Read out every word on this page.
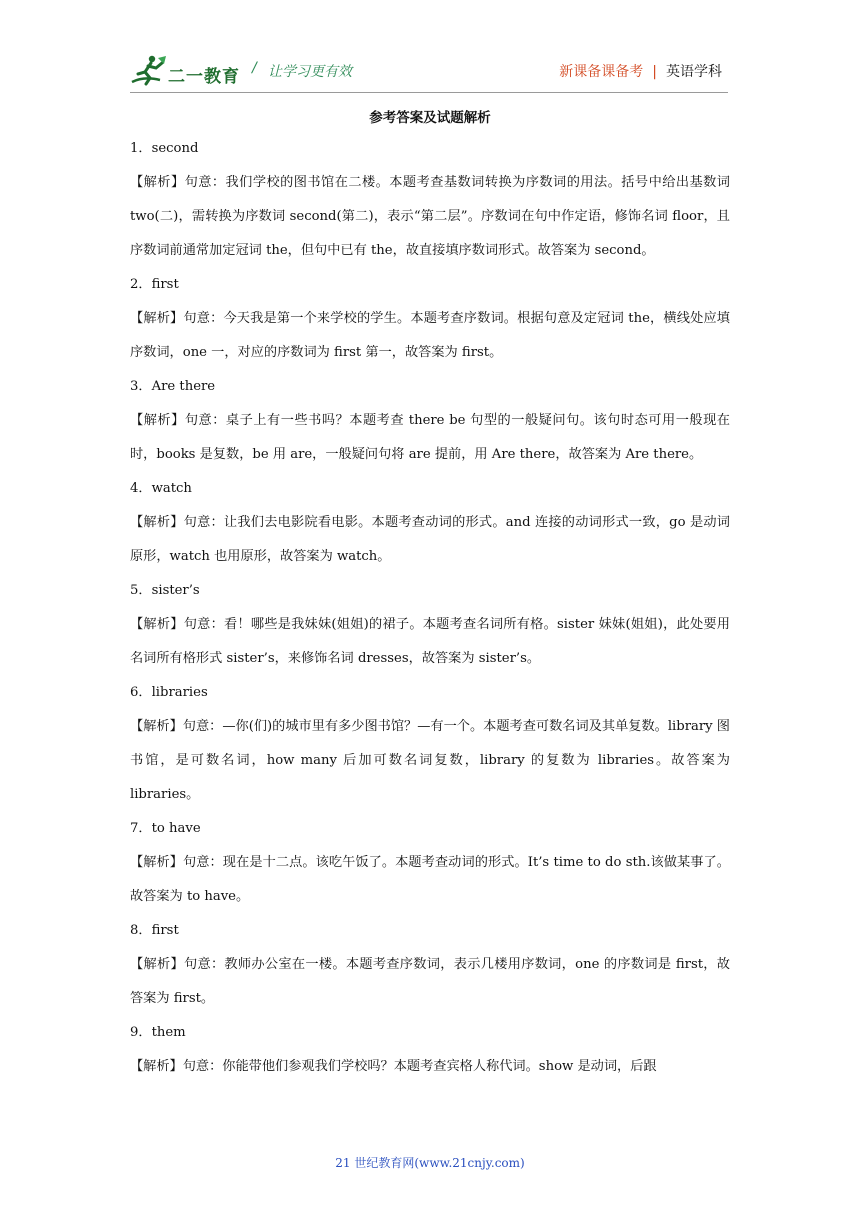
二一教育 / 让学习更有效	新课备课备考 | 英语学科
参考答案及试题解析

1．second

【解析】句意：我们学校的图书馆在二楼。本题考查基数词转换为序数词的用法。括号中给出基数词 two(二)，需转换为序数词 second(第二)，表示“第二层”。序数词在句中作定语，修饰名词 floor，且序数词前通常加定冠词 the，但句中已有 the，故直接填序数词形式。故答案为 second。

2．first

【解析】句意：今天我是第一个来学校的学生。本题考查序数词。根据句意及定冠词 the，横线处应填序数词，one 一，对应的序数词为 first 第一，故答案为 first。

3．Are there

【解析】句意：桌子上有一些书吗？本题考查 there be 句型的一般疑问句。该句时态可用一般现在时，books 是复数，be 用 are，一般疑问句将 are 提前，用 Are there，故答案为 Are there。

4．watch

【解析】句意：让我们去电影院看电影。本题考查动词的形式。and 连接的动词形式一致，go 是动词原形，watch 也用原形，故答案为 watch。

5．sister’s

【解析】句意：看！哪些是我妹妹(姐姐)的裙子。本题考查名词所有格。sister 妹妹(姐姐)，此处要用名词所有格形式 sister’s，来修饰名词 dresses，故答案为 sister’s。

6．libraries

【解析】句意：—你(们)的城市里有多少图书馆？—有一个。本题考查可数名词及其单复数。library 图书馆，是可数名词，how many 后加可数名词复数，library 的复数为 libraries。故答案为 libraries。

7．to have

【解析】句意：现在是十二点。该吃午饭了。本题考查动词的形式。It’s time to do sth.该做某事了。故答案为 to have。

8．first

【解析】句意：教师办公室在一楼。本题考查序数词，表示几楼用序数词，one 的序数词是 first，故答案为 first。

9．them

【解析】句意：你能带他们参观我们学校吗？本题考查宾格人称代词。show 是动词，后跟

21 世纪教育网(www.21cnjy.com)
